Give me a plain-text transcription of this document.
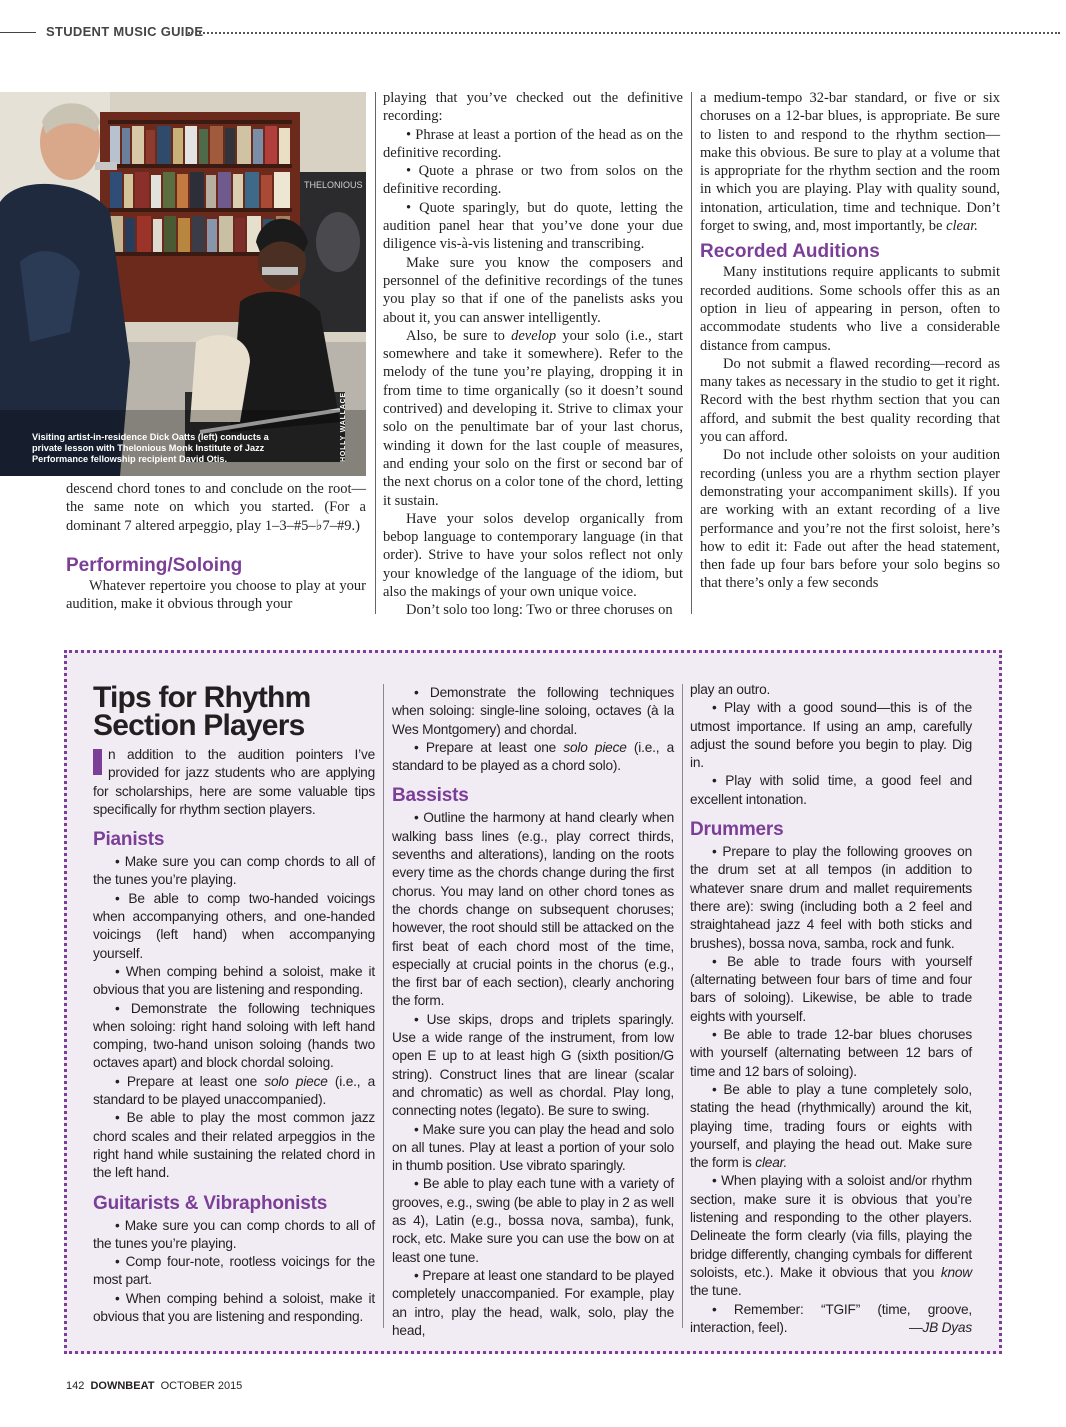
STUDENT MUSIC GUIDE
THELONIOUS
Visiting artist-in-residence Dick Oatts (left) conducts a private lesson with Thelonious Monk Institute of Jazz Performance fellowship recipient David Otis.	HOLLY WALLACE

descend chord tones to and conclude on the root—the same note on which you started. (For a dominant 7 altered arpeggio, play 1–3–#5–♭7–#9.)

Performing/Soloing

Whatever repertoire you choose to play at your audition, make it obvious through your

playing that you’ve checked out the definitive recording:

• Phrase at least a portion of the head as on the definitive recording.

• Quote a phrase or two from solos on the definitive recording.

• Quote sparingly, but do quote, letting the audition panel hear that you’ve done your due diligence vis-à-vis listening and transcribing.

Make sure you know the composers and personnel of the definitive recordings of the tunes you play so that if one of the panelists asks you about it, you can answer intelligently.

Also, be sure to develop your solo (i.e., start somewhere and take it somewhere). Refer to the melody of the tune you’re playing, dropping it in from time to time organically (so it doesn’t sound contrived) and developing it. Strive to climax your solo on the penultimate bar of your last chorus, winding it down for the last couple of measures, and ending your solo on the first or second bar of the next chorus on a color tone of the chord, letting it sustain.

Have your solos develop organically from bebop language to contemporary language (in that order). Strive to have your solos reflect not only your knowledge of the language of the idiom, but also the makings of your own unique voice.

Don’t solo too long: Two or three choruses on

a medium-tempo 32-bar standard, or five or six choruses on a 12-bar blues, is appropriate. Be sure to listen to and respond to the rhythm section—make this obvious. Be sure to play at a volume that is appropriate for the rhythm section and the room in which you are playing. Play with quality sound, intonation, articulation, time and technique. Don’t forget to swing, and, most importantly, be clear.

Recorded Auditions

Many institutions require applicants to submit recorded auditions. Some schools offer this as an option in lieu of appearing in person, often to accommodate students who live a considerable distance from campus.

Do not submit a flawed recording—record as many takes as necessary in the studio to get it right. Record with the best rhythm section that you can afford, and submit the best quality recording that you can afford.

Do not include other soloists on your audition recording (unless you are a rhythm section player demonstrating your accompaniment skills). If you are working with an extant recording of a live performance and you’re not the first soloist, here’s how to edit it: Fade out after the head statement, then fade up four bars before your solo begins so that there’s only a few seconds

Tips for Rhythm
Section Players

n addition to the audition pointers I’ve provided for jazz students who are applying for scholarships, here are some valuable tips specifically for rhythm section players.

Pianists

• Make sure you can comp chords to all of the tunes you’re playing.

• Be able to comp two-handed voicings when accompanying others, and one-handed voicings (left hand) when accompanying yourself.

• When comping behind a soloist, make it obvious that you are listening and responding.

• Demonstrate the following techniques when soloing: right hand soloing with left hand comping, two-hand unison soloing (hands two octaves apart) and block chordal soloing.

• Prepare at least one solo piece (i.e., a standard to be played unaccompanied).

• Be able to play the most common jazz chord scales and their related arpeggios in the right hand while sustaining the related chord in the left hand.

Guitarists & Vibraphonists

• Make sure you can comp chords to all of the tunes you’re playing.

• Comp four-note, rootless voicings for the most part.

• When comping behind a soloist, make it obvious that you are listening and responding.

• Demonstrate the following techniques when soloing: single-line soloing, octaves (à la Wes Montgomery) and chordal.

• Prepare at least one solo piece (i.e., a standard to be played as a chord solo).

Bassists

• Outline the harmony at hand clearly when walking bass lines (e.g., play correct thirds, sevenths and alterations), landing on the roots every time as the chords change during the first chorus. You may land on other chord tones as the chords change on subsequent choruses; however, the root should still be attacked on the first beat of each chord most of the time, especially at crucial points in the chorus (e.g., the first bar of each section), clearly anchoring the form.

• Use skips, drops and triplets sparingly. Use a wide range of the instrument, from low open E up to at least high G (sixth position/G string). Construct lines that are linear (scalar and chromatic) as well as chordal. Play long, connecting notes (legato). Be sure to swing.

• Make sure you can play the head and solo on all tunes. Play at least a portion of your solo in thumb position. Use vibrato sparingly.

• Be able to play each tune with a variety of grooves, e.g., swing (be able to play in 2 as well as 4), Latin (e.g., bossa nova, samba), funk, rock, etc. Make sure you can use the bow on at least one tune.

• Prepare at least one standard to be played completely unaccompanied. For example, play an intro, play the head, walk, solo, play the head,

play an outro.

• Play with a good sound—this is of the utmost importance. If using an amp, carefully adjust the sound before you begin to play. Dig in.

• Play with solid time, a good feel and excellent intonation.

Drummers

• Prepare to play the following grooves on the drum set at all tempos (in addition to whatever snare drum and mallet requirements there are): swing (including both a 2 feel and straightahead jazz 4 feel with both sticks and brushes), bossa nova, samba, rock and funk.

• Be able to trade fours with yourself (alternating between four bars of time and four bars of soloing). Likewise, be able to trade eights with yourself.

• Be able to trade 12-bar blues choruses with yourself (alternating between 12 bars of time and 12 bars of soloing).

• Be able to play a tune completely solo, stating the head (rhythmically) around the kit, playing time, trading fours or eights with yourself, and playing the head out. Make sure the form is clear.

• When playing with a soloist and/or rhythm section, make sure it is obvious that you’re listening and responding to the other players. Delineate the form clearly (via fills, playing the bridge differently, changing cymbals for different soloists, etc.). Make it obvious that you know the tune.

• Remember: “TGIF” (time, groove, interaction, feel).	—JB Dyas

142 DOWNBEAT OCTOBER 2015
